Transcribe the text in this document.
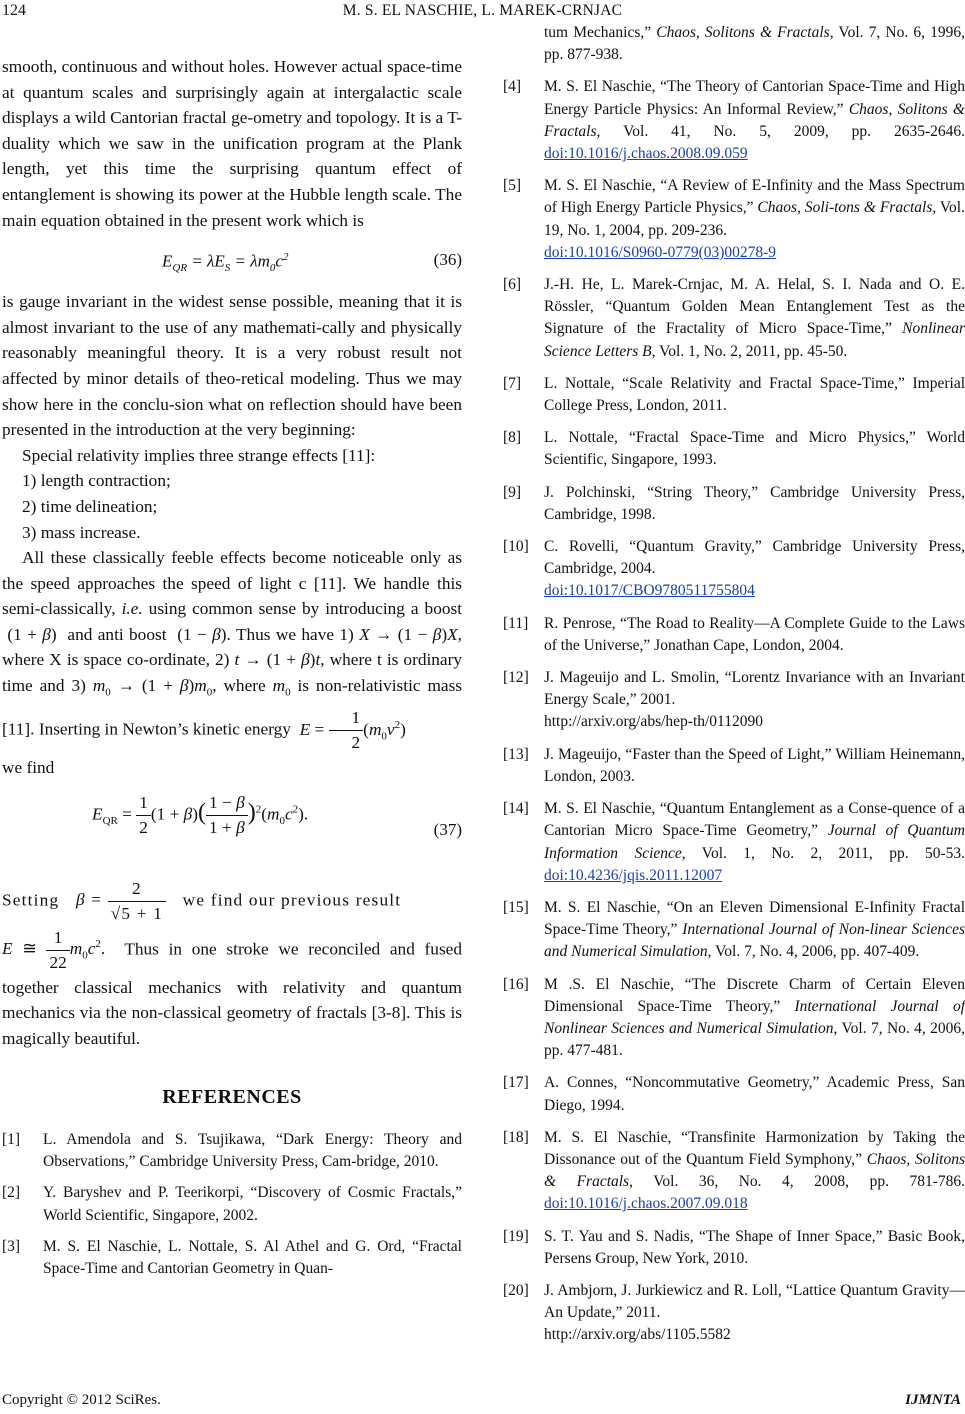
124	M. S. EL NASCHIE, L. MAREK-CRNJAC

smooth, continuous and without holes. However actual space-time at quantum scales and surprisingly again at intergalactic scale displays a wild Cantorian fractal ge-ometry and topology. It is a T-duality which we saw in the unification program at the Plank length, yet this time the surprising quantum effect of entanglement is showing its power at the Hubble length scale. The main equation obtained in the present work which is

$E_{QR} = \lambda E_S = \lambda m_0c^2$	(36)

is gauge invariant in the widest sense possible, meaning that it is almost invariant to the use of any mathemati-cally and physically reasonably meaningful theory. It is a very robust result not affected by minor details of theo-retical modeling. Thus we may show here in the conclu-sion what on reflection should have been presented in the introduction at the very beginning:

Special relativity implies three strange effects [11]:

1) length contraction;

2) time delineation;

3) mass increase.

All these classically feeble effects become noticeable only as the speed approaches the speed of light c [11]. We handle this semi-classically, i.e. using common sense by introducing a boost  (1 + β)  and anti boost  (1 − β). Thus we have 1) X → (1 − β)X, where X is space co-ordinate, 2) t → (1 + β)t, where t is ordinary time and 3) $m_0 \to (1 + \beta)m_0$, where $m_0$ is non-relativistic mass [11]. Inserting in Newton’s kinetic energy $E = \frac{1}{2} (m_0v^2)$

we find

$E_{QR} = \frac{1}{2} (1 + \beta)( \frac{1 - \beta}{1 + \beta} )^2(m_0c^2)$.
(37)

Setting $\beta = \frac{2}{√5 + 1}$ we find our previous result

E ≅ $\frac{1}{22} m_0c^2$. Thus in one stroke we reconciled and fused together classical mechanics with relativity and quantum mechanics via the non-classical geometry of fractals [3-8]. This is magically beautiful.

REFERENCES
[1] L. Amendola and S. Tsujikawa, “Dark Energy: Theory and Observations,” Cambridge University Press, Cam-bridge, 2010.
[2] Y. Baryshev and P. Teerikorpi, “Discovery of Cosmic Fractals,” World Scientific, Singapore, 2002.
[3] M. S. El Naschie, L. Nottale, S. Al Athel and G. Ord, “Fractal Space-Time and Cantorian Geometry in Quan-
tum Mechanics,” Chaos, Solitons & Fractals, Vol. 7, No. 6, 1996, pp. 877-938.
[4] M. S. El Naschie, “The Theory of Cantorian Space-Time and High Energy Particle Physics: An Informal Review,” Chaos, Solitons & Fractals, Vol. 41, No. 5, 2009, pp. 2635-2646. doi:10.1016/j.chaos.2008.09.059
[5] M. S. El Naschie, “A Review of E-Infinity and the Mass Spectrum of High Energy Particle Physics,” Chaos, Soli-tons & Fractals, Vol. 19, No. 1, 2004, pp. 209-236.
doi:10.1016/S0960-0779(03)00278-9
[6] J.-H. He, L. Marek-Crnjac, M. A. Helal, S. I. Nada and O. E. Rössler, “Quantum Golden Mean Entanglement Test as the Signature of the Fractality of Micro Space-Time,” Nonlinear Science Letters B, Vol. 1, No. 2, 2011, pp. 45-50.
[7] L. Nottale, “Scale Relativity and Fractal Space-Time,” Imperial College Press, London, 2011.
[8] L. Nottale, “Fractal Space-Time and Micro Physics,” World Scientific, Singapore, 1993.
[9] J. Polchinski, “String Theory,” Cambridge University Press, Cambridge, 1998.
[10] C. Rovelli, “Quantum Gravity,” Cambridge University Press, Cambridge, 2004.
doi:10.1017/CBO9780511755804
[11] R. Penrose, “The Road to Reality—A Complete Guide to the Laws of the Universe,” Jonathan Cape, London, 2004.
[12] J. Mageuijo and L. Smolin, “Lorentz Invariance with an Invariant Energy Scale,” 2001.
http://arxiv.org/abs/hep-th/0112090
[13] J. Mageuijo, “Faster than the Speed of Light,” William Heinemann, London, 2003.
[14] M. S. El Naschie, “Quantum Entanglement as a Conse-quence of a Cantorian Micro Space-Time Geometry,” Journal of Quantum Information Science, Vol. 1, No. 2, 2011, pp. 50-53. doi:10.4236/jqis.2011.12007
[15] M. S. El Naschie, “On an Eleven Dimensional E-Infinity Fractal Space-Time Theory,” International Journal of Non-linear Sciences and Numerical Simulation, Vol. 7, No. 4, 2006, pp. 407-409.
[16] M .S. El Naschie, “The Discrete Charm of Certain Eleven Dimensional Space-Time Theory,” International Journal of Nonlinear Sciences and Numerical Simulation, Vol. 7, No. 4, 2006, pp. 477-481.
[17] A. Connes, “Noncommutative Geometry,” Academic Press, San Diego, 1994.
[18] M. S. El Naschie, “Transfinite Harmonization by Taking the Dissonance out of the Quantum Field Symphony,” Chaos, Solitons & Fractals, Vol. 36, No. 4, 2008, pp. 781-786. doi:10.1016/j.chaos.2007.09.018
[19] S. T. Yau and S. Nadis, “The Shape of Inner Space,” Basic Book, Persens Group, New York, 2010.
[20] J. Ambjorn, J. Jurkiewicz and R. Loll, “Lattice Quantum Gravity—An Update,” 2011.
http://arxiv.org/abs/1105.5582
Copyright © 2012 SciRes.	IJMNTA
